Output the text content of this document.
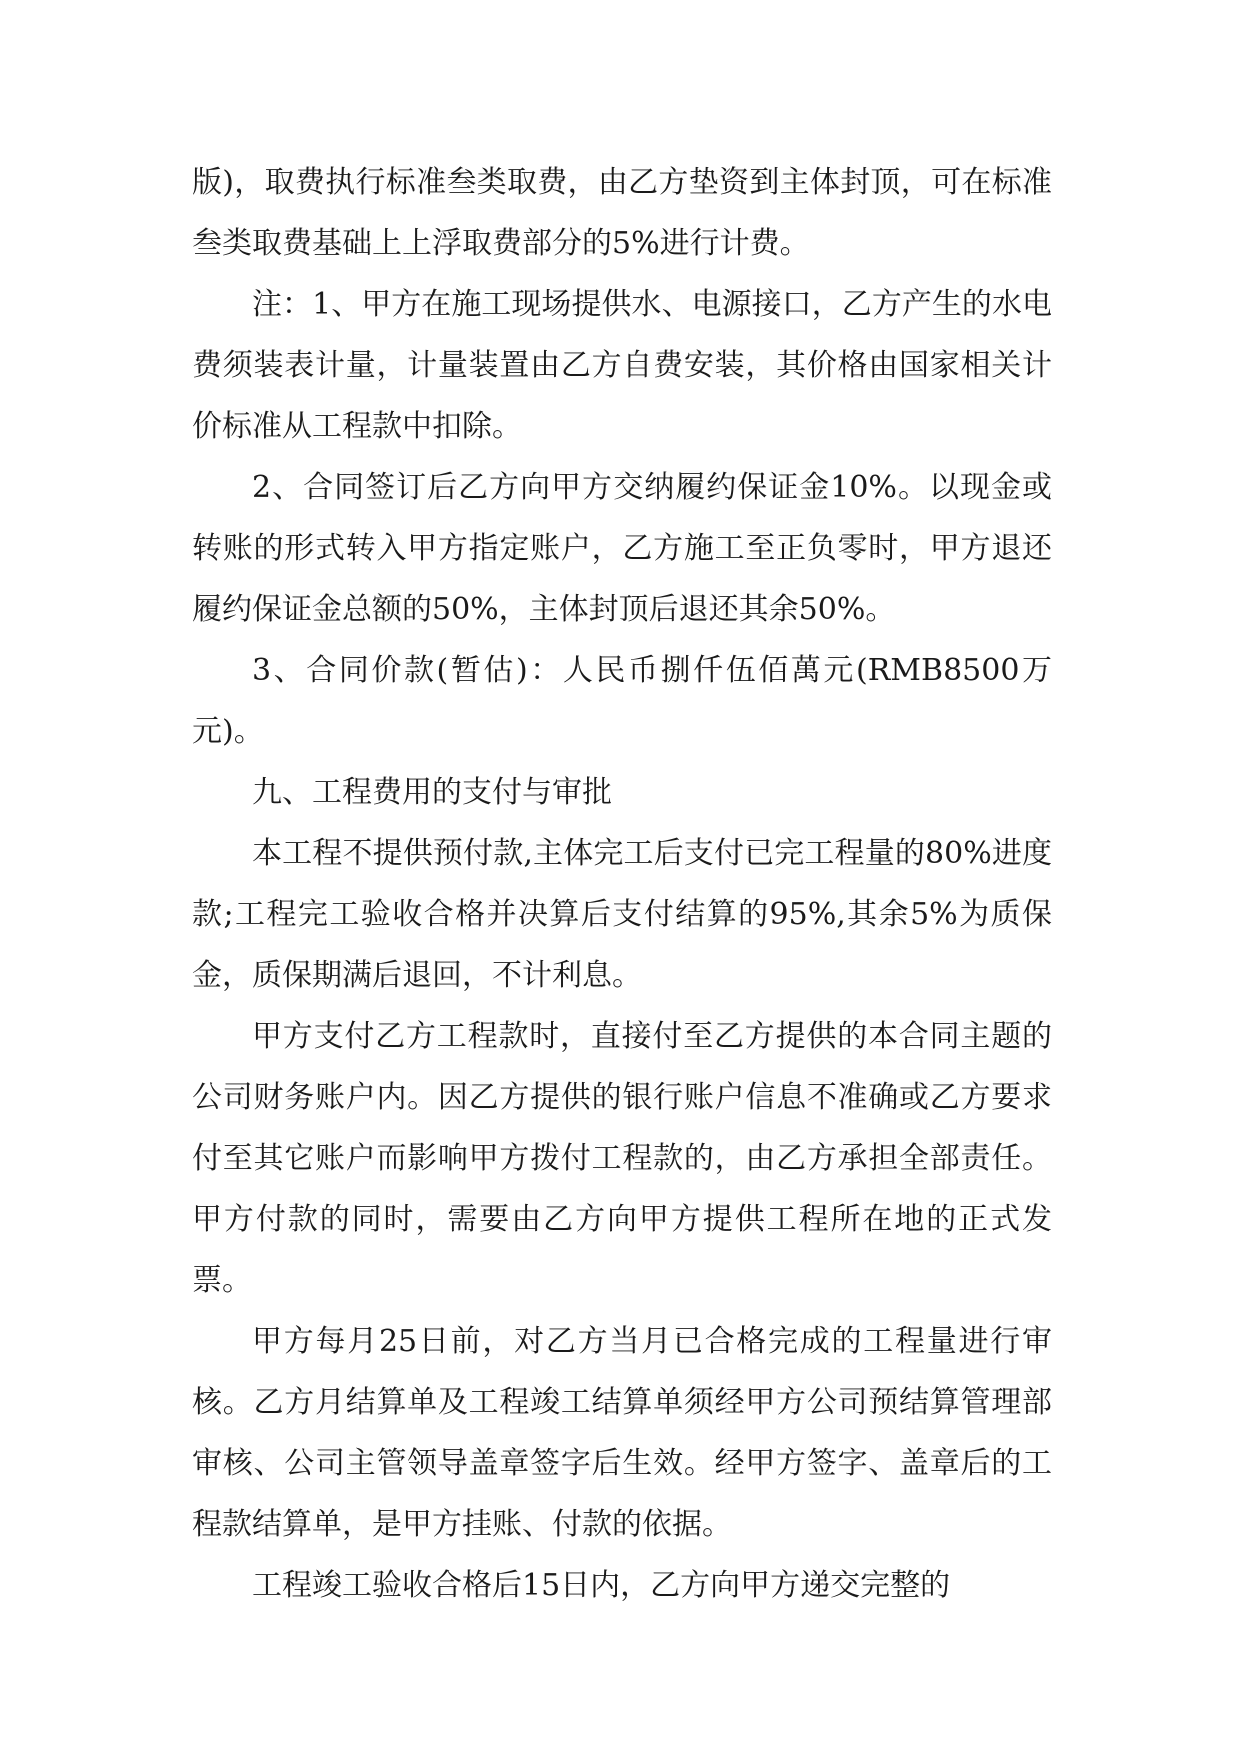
版)，取费执行标准叁类取费，由乙方垫资到主体封顶，可在标准叁类取费基础上上浮取费部分的5%进行计费。

注：1、甲方在施工现场提供水、电源接口，乙方产生的水电费须装表计量，计量装置由乙方自费安装，其价格由国家相关计价标准从工程款中扣除。

2、合同签订后乙方向甲方交纳履约保证金10%。以现金或转账的形式转入甲方指定账户，乙方施工至正负零时，甲方退还履约保证金总额的50%，主体封顶后退还其余50%。

3、合同价款(暂估)：人民币捌仟伍佰萬元(RMB8500万元)。

九、工程费用的支付与审批

本工程不提供预付款,主体完工后支付已完工程量的80%进度款;工程完工验收合格并决算后支付结算的95%,其余5%为质保金，质保期满后退回，不计利息。

甲方支付乙方工程款时，直接付至乙方提供的本合同主题的公司财务账户内。因乙方提供的银行账户信息不准确或乙方要求付至其它账户而影响甲方拨付工程款的，由乙方承担全部责任。甲方付款的同时，需要由乙方向甲方提供工程所在地的正式发票。

甲方每月25日前，对乙方当月已合格完成的工程量进行审核。乙方月结算单及工程竣工结算单须经甲方公司预结算管理部审核、公司主管领导盖章签字后生效。经甲方签字、盖章后的工程款结算单，是甲方挂账、付款的依据。

工程竣工验收合格后15日内，乙方向甲方递交完整的
